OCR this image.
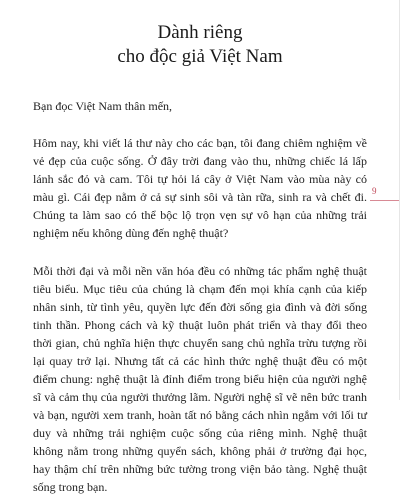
Dành riêng
cho độc giả Việt Nam

Bạn đọc Việt Nam thân mến,

Hôm nay, khi viết lá thư này cho các bạn, tôi đang chiêm nghiệm về vẻ đẹp của cuộc sống. Ở đây trời đang vào thu, những chiếc lá lấp lánh sắc đỏ và cam. Tôi tự hỏi lá cây ở Việt Nam vào mùa này có màu gì. Cái đẹp nằm ở cả sự sinh sôi và tàn rữa, sinh ra và chết đi. Chúng ta làm sao có thể bộc lộ trọn vẹn sự vô hạn của những trải nghiệm nếu không dùng đến nghệ thuật?

Mỗi thời đại và mỗi nền văn hóa đều có những tác phẩm nghệ thuật tiêu biểu. Mục tiêu của chúng là chạm đến mọi khía cạnh của kiếp nhân sinh, từ tình yêu, quyền lực đến đời sống gia đình và đời sống tinh thần. Phong cách và kỹ thuật luôn phát triển và thay đổi theo thời gian, chủ nghĩa hiện thực chuyển sang chủ nghĩa trừu tượng rồi lại quay trở lại. Nhưng tất cả các hình thức nghệ thuật đều có một điểm chung: nghệ thuật là đỉnh điểm trong biểu hiện của người nghệ sĩ và cảm thụ của người thưởng lãm. Người nghệ sĩ vẽ nên bức tranh và bạn, người xem tranh, hoàn tất nó bằng cách nhìn ngắm với lối tư duy và những trải nghiệm cuộc sống của riêng mình. Nghệ thuật không nằm trong những quyển sách, không phải ở trường đại học, hay thậm chí trên những bức tường trong viện bảo tàng. Nghệ thuật sống trong bạn.

9
